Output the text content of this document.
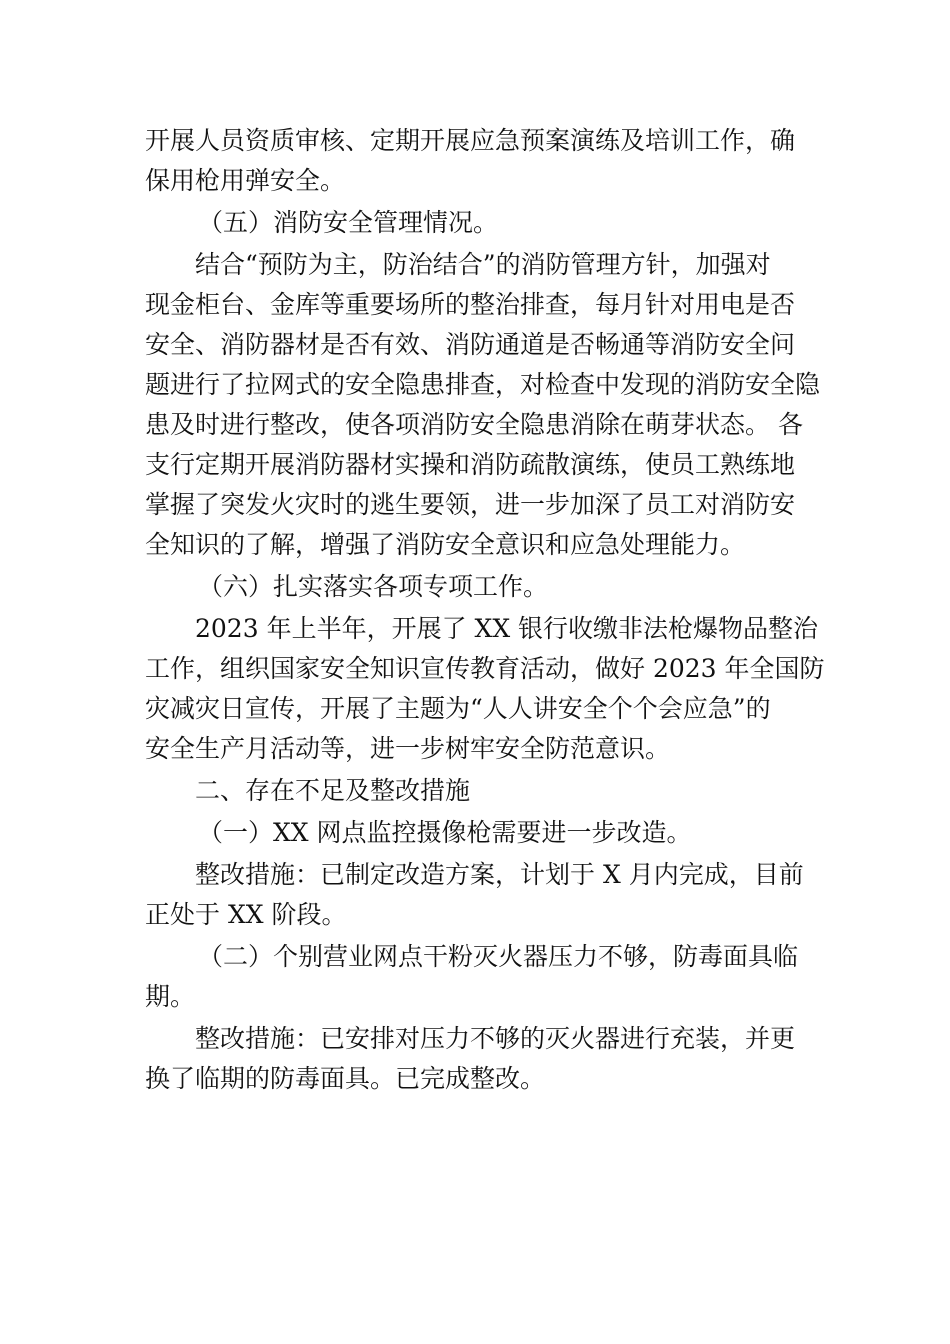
开展人员资质审核、定期开展应急预案演练及培训工作，确
保用枪用弹安全。
（五）消防安全管理情况。
结合“预防为主，防治结合”的消防管理方针，加强对
现金柜台、金库等重要场所的整治排查，每月针对用电是否
安全、消防器材是否有效、消防通道是否畅通等消防安全问
题进行了拉网式的安全隐患排查，对检查中发现的消防安全隐
患及时进行整改，使各项消防安全隐患消除在萌芽状态。 各
支行定期开展消防器材实操和消防疏散演练，使员工熟练地
掌握了突发火灾时的逃生要领，进一步加深了员工对消防安
全知识的了解，增强了消防安全意识和应急处理能力。
（六）扎实落实各项专项工作。
2023 年上半年，开展了 XX 银行收缴非法枪爆物品整治
工作，组织国家安全知识宣传教育活动，做好 2023 年全国防
灾减灾日宣传，开展了主题为“人人讲安全个个会应急”的
安全生产月活动等，进一步树牢安全防范意识。
二、存在不足及整改措施
（一）XX 网点监控摄像枪需要进一步改造。
整改措施：已制定改造方案，计划于 X 月内完成，目前
正处于 XX 阶段。
（二）个别营业网点干粉灭火器压力不够，防毒面具临
期。
整改措施：已安排对压力不够的灭火器进行充装，并更
换了临期的防毒面具。已完成整改。
